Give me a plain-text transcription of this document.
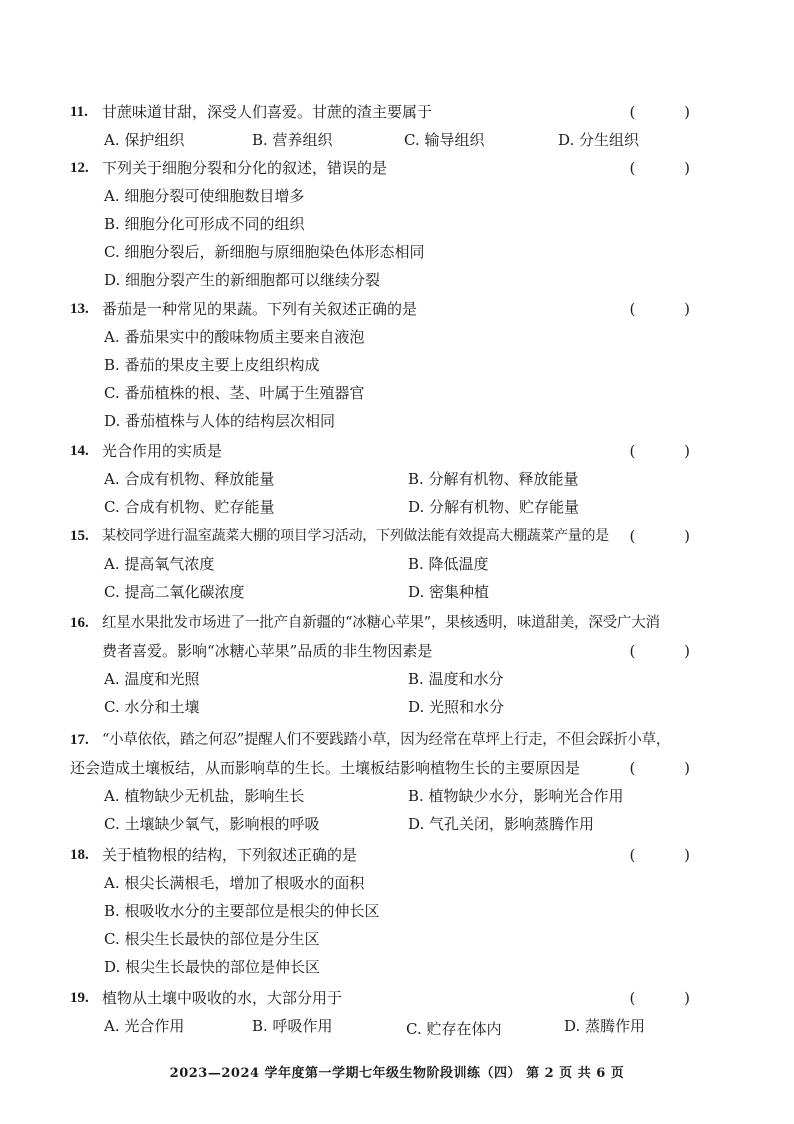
11. 甘蔗味道甘甜，深受人们喜爱。甘蔗的渣主要属于	( )
A. 保护组织	B. 营养组织	C. 输导组织	D. 分生组织
12. 下列关于细胞分裂和分化的叙述，错误的是	( )
A. 细胞分裂可使细胞数目增多
B. 细胞分化可形成不同的组织
C. 细胞分裂后，新细胞与原细胞染色体形态相同
D. 细胞分裂产生的新细胞都可以继续分裂
13. 番茄是一种常见的果蔬。下列有关叙述正确的是	( )
A. 番茄果实中的酸味物质主要来自液泡
B. 番茄的果皮主要上皮组织构成
C. 番茄植株的根、茎、叶属于生殖器官
D. 番茄植株与人体的结构层次相同
14. 光合作用的实质是	( )
A. 合成有机物、释放能量	B. 分解有机物、释放能量
C. 合成有机物、贮存能量	D. 分解有机物、贮存能量
15. 某校同学进行温室蔬菜大棚的项目学习活动，下列做法能有效提高大棚蔬菜产量的是 ( )
A. 提高氧气浓度	B. 降低温度
C. 提高二氧化碳浓度	D. 密集种植
16. 红星水果批发市场进了一批产自新疆的“冰糖心苹果”，果核透明，味道甜美，深受广大消
费者喜爱。影响“冰糖心苹果”品质的非生物因素是	( )
A. 温度和光照	B. 温度和水分
C. 水分和土壤	D. 光照和水分
17. “小草依依，踏之何忍”提醒人们不要践踏小草，因为经常在草坪上行走，不但会踩折小草，
还会造成土壤板结，从而影响草的生长。土壤板结影响植物生长的主要原因是	( )
A. 植物缺少无机盐，影响生长	B. 植物缺少水分，影响光合作用
C. 土壤缺少氧气，影响根的呼吸	D. 气孔关闭，影响蒸腾作用
18. 关于植物根的结构，下列叙述正确的是	( )
A. 根尖长满根毛，增加了根吸水的面积
B. 根吸收水分的主要部位是根尖的伸长区
C. 根尖生长最快的部位是分生区
D. 根尖生长最快的部位是伸长区
19. 植物从土壤中吸收的水，大部分用于	( )
A. 光合作用	B. 呼吸作用	C. 贮存在体内	D. 蒸腾作用
2023—2024 学年度第一学期七年级生物阶段训练（四） 第 2 页 共 6 页
